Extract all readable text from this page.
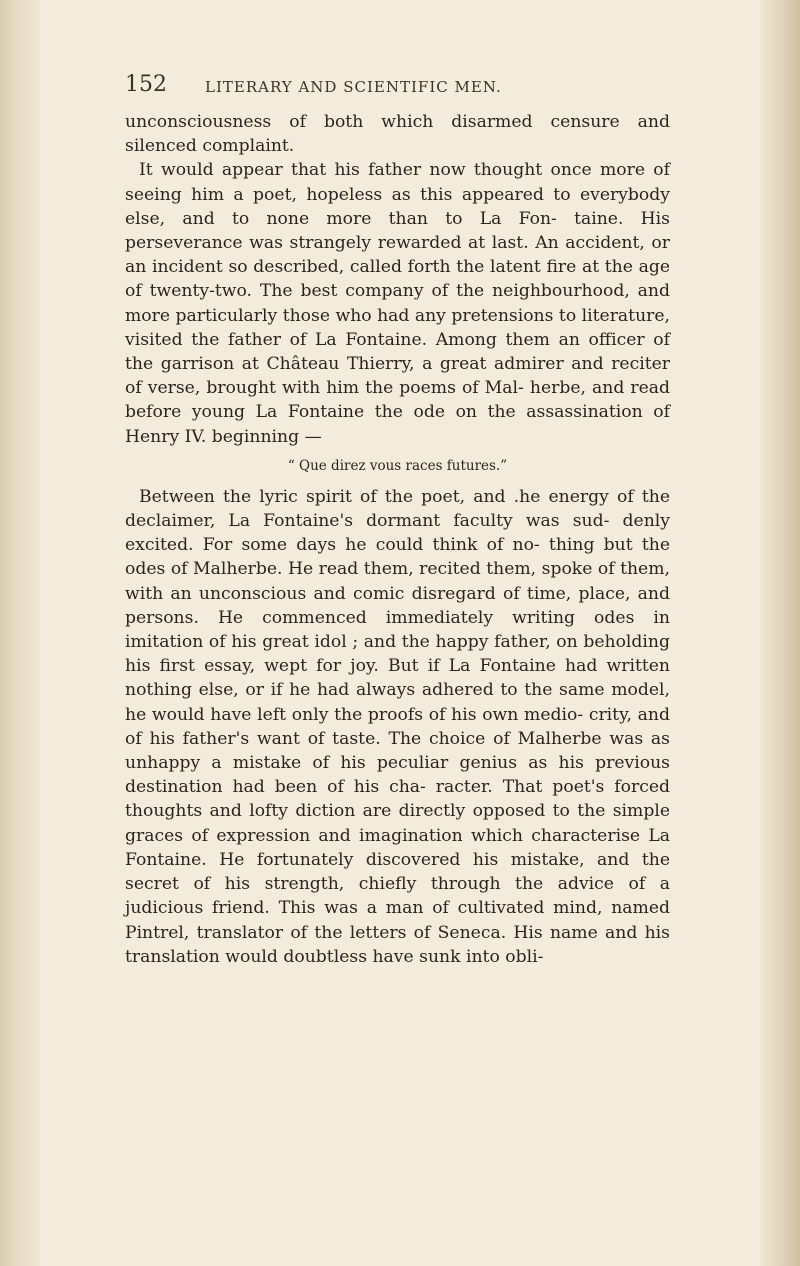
152	LITERARY AND SCIENTIFIC MEN.

unconsciousness of both which disarmed censure and silenced complaint.

It would appear that his father now thought once more of seeing him a poet, hopeless as this appeared to everybody else, and to none more than to La Fon- taine. His perseverance was strangely rewarded at last. An accident, or an incident so described, called forth the latent fire at the age of twenty-two. The best company of the neighbourhood, and more particularly those who had any pretensions to literature, visited the father of La Fontaine. Among them an officer of the garrison at Château Thierry, a great admirer and reciter of verse, brought with him the poems of Mal- herbe, and read before young La Fontaine the ode on the assassination of Henry IV. beginning —

“ Que direz vous races futures.”

Between the lyric spirit of the poet, and .he energy of the declaimer, La Fontaine's dormant faculty was sud- denly excited. For some days he could think of no- thing but the odes of Malherbe. He read them, recited them, spoke of them, with an unconscious and comic disregard of time, place, and persons. He commenced immediately writing odes in imitation of his great idol ; and the happy father, on beholding his first essay, wept for joy. But if La Fontaine had written nothing else, or if he had always adhered to the same model, he would have left only the proofs of his own medio- crity, and of his father's want of taste. The choice of Malherbe was as unhappy a mistake of his peculiar genius as his previous destination had been of his cha- racter. That poet's forced thoughts and lofty diction are directly opposed to the simple graces of expression and imagination which characterise La Fontaine. He fortunately discovered his mistake, and the secret of his strength, chiefly through the advice of a judicious friend. This was a man of cultivated mind, named Pintrel, translator of the letters of Seneca. His name and his translation would doubtless have sunk into obli-
